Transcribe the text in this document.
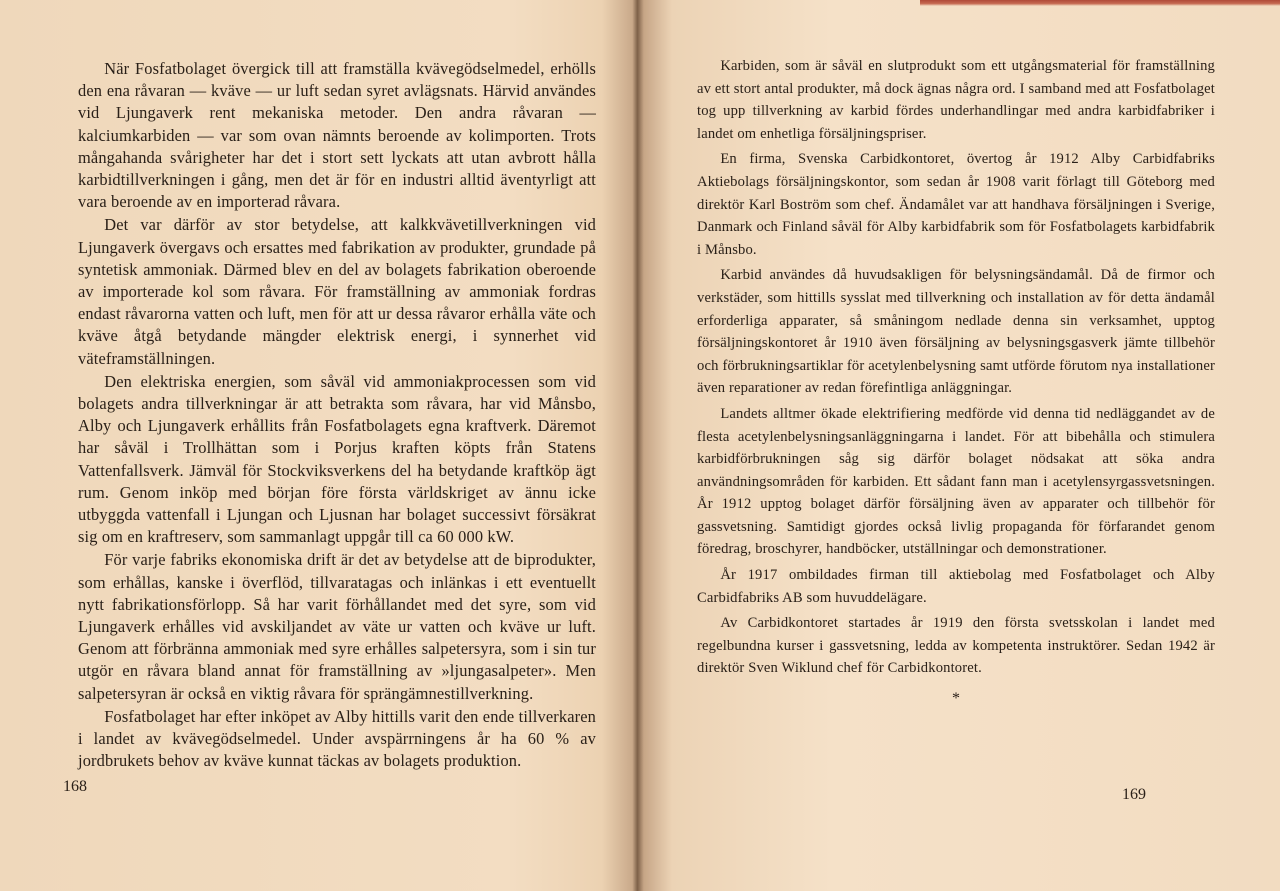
När Fosfatbolaget övergick till att framställa kvävegödselmedel, erhölls den ena råvaran — kväve — ur luft sedan syret avlägsnats. Härvid användes vid Ljungaverk rent mekaniska metoder. Den andra råvaran — kalciumkarbiden — var som ovan nämnts beroende av kolimporten. Trots mångahanda svårigheter har det i stort sett lyckats att utan avbrott hålla karbidtillverkningen i gång, men det är för en industri alltid äventyrligt att vara beroende av en importerad råvara.

Det var därför av stor betydelse, att kalkkvävetillverkningen vid Ljungaverk övergavs och ersattes med fabrikation av produkter, grundade på syntetisk ammoniak. Därmed blev en del av bolagets fabrikation oberoende av importerade kol som råvara. För framställning av ammoniak fordras endast råvarorna vatten och luft, men för att ur dessa råvaror erhålla väte och kväve åtgå betydande mängder elektrisk energi, i synnerhet vid väteframställningen.

Den elektriska energien, som såväl vid ammoniakprocessen som vid bolagets andra tillverkningar är att betrakta som råvara, har vid Månsbo, Alby och Ljungaverk erhållits från Fosfatbolagets egna kraftverk. Däremot har såväl i Trollhättan som i Porjus kraften köpts från Statens Vattenfallsverk. Jämväl för Stockviksverkens del ha betydande kraftköp ägt rum. Genom inköp med början före första världskriget av ännu icke utbyggda vattenfall i Ljungan och Ljusnan har bolaget successivt försäkrat sig om en kraftreserv, som sammanlagt uppgår till ca 60 000 kW.

För varje fabriks ekonomiska drift är det av betydelse att de biprodukter, som erhållas, kanske i överflöd, tillvaratagas och inlänkas i ett eventuellt nytt fabrikationsförlopp. Så har varit förhållandet med det syre, som vid Ljungaverk erhålles vid avskiljandet av väte ur vatten och kväve ur luft. Genom att förbränna ammoniak med syre erhålles salpetersyra, som i sin tur utgör en råvara bland annat för framställning av »ljungasalpeter». Men salpetersyran är också en viktig råvara för sprängämnestillverkning.

Fosfatbolaget har efter inköpet av Alby hittills varit den ende tillverkaren i landet av kvävegödselmedel. Under avspärrningens år ha 60 % av jordbrukets behov av kväve kunnat täckas av bolagets produktion.

168

Karbiden, som är såväl en slutprodukt som ett utgångsmaterial för framställning av ett stort antal produkter, må dock ägnas några ord. I samband med att Fosfatbolaget tog upp tillverkning av karbid fördes underhandlingar med andra karbidfabriker i landet om enhetliga försäljningspriser.

En firma, Svenska Carbidkontoret, övertog år 1912 Alby Carbidfabriks Aktiebolags försäljningskontor, som sedan år 1908 varit förlagt till Göteborg med direktör Karl Boström som chef. Ändamålet var att handhava försäljningen i Sverige, Danmark och Finland såväl för Alby karbidfabrik som för Fosfatbolagets karbidfabrik i Månsbo.

Karbid användes då huvudsakligen för belysningsändamål. Då de firmor och verkstäder, som hittills sysslat med tillverkning och installation av för detta ändamål erforderliga apparater, så småningom nedlade denna sin verksamhet, upptog försäljningskontoret år 1910 även försäljning av belysningsgasverk jämte tillbehör och förbrukningsartiklar för acetylenbelysning samt utförde förutom nya installationer även reparationer av redan förefintliga anläggningar.

Landets alltmer ökade elektrifiering medförde vid denna tid nedläggandet av de flesta acetylenbelysningsanläggningarna i landet. För att bibehålla och stimulera karbidförbrukningen såg sig därför bolaget nödsakat att söka andra användningsområden för karbiden. Ett sådant fann man i acetylensyrgassvetsningen. År 1912 upptog bolaget därför försäljning även av apparater och tillbehör för gassvetsning. Samtidigt gjordes också livlig propaganda för förfarandet genom föredrag, broschyrer, handböcker, utställningar och demonstrationer.

År 1917 ombildades firman till aktiebolag med Fosfatbolaget och Alby Carbidfabriks AB som huvuddelägare.

Av Carbidkontoret startades år 1919 den första svetsskolan i landet med regelbundna kurser i gassvetsning, ledda av kompetenta instruktörer. Sedan 1942 är direktör Sven Wiklund chef för Carbidkontoret.

*
169
